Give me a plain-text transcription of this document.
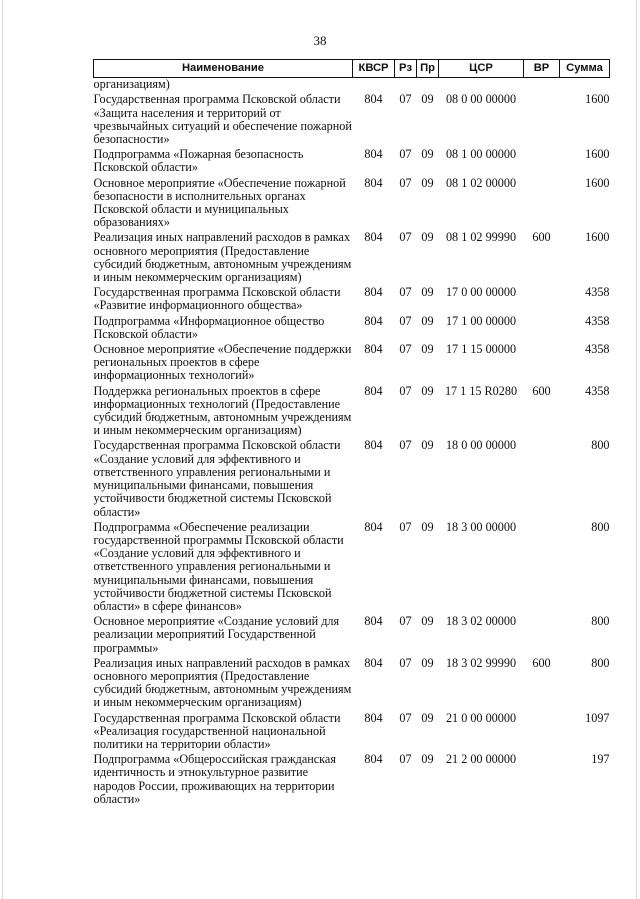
38
Наименование	КВСР	Рз	Пр	ЦСР	ВР	Сумма
организациям)						
Государственная программа Псковской области «Защита населения и территорий от чрезвычайных ситуаций и обеспечение пожарной безопасности»	804	07	09	08 0 00 00000		1600
Подпрограмма «Пожарная безопасность Псковской области»	804	07	09	08 1 00 00000		1600
Основное мероприятие «Обеспечение пожарной безопасности в исполнительных органах Псковской области и муниципальных образованиях»	804	07	09	08 1 02 00000		1600
Реализация иных направлений расходов в рамках основного мероприятия (Предоставление субсидий бюджетным, автономным учреждениям и иным некоммерческим организациям)	804	07	09	08 1 02 99990	600	1600
Государственная программа Псковской области «Развитие информационного общества»	804	07	09	17 0 00 00000		4358
Подпрограмма «Информационное общество Псковской области»	804	07	09	17 1 00 00000		4358
Основное мероприятие «Обеспечение поддержки региональных проектов в сфере информационных технологий»	804	07	09	17 1 15 00000		4358
Поддержка региональных проектов в сфере информационных технологий (Предоставление субсидий бюджетным, автономным учреждениям и иным некоммерческим организациям)	804	07	09	17 1 15 R0280	600	4358
Государственная программа Псковской области «Создание условий для эффективного и ответственного управления региональными и муниципальными финансами, повышения устойчивости бюджетной системы Псковской области»	804	07	09	18 0 00 00000		800
Подпрограмма «Обеспечение реализации государственной программы Псковской области «Создание условий для эффективного и ответственного управления региональными и муниципальными финансами, повышения устойчивости бюджетной системы Псковской области» в сфере финансов»	804	07	09	18 3 00 00000		800
Основное мероприятие «Создание условий для реализации мероприятий Государственной программы»	804	07	09	18 3 02 00000		800
Реализация иных направлений расходов в рамках основного мероприятия (Предоставление субсидий бюджетным, автономным учреждениям и иным некоммерческим организациям)	804	07	09	18 3 02 99990	600	800
Государственная программа Псковской области «Реализация государственной национальной политики на территории области»	804	07	09	21 0 00 00000		1097
Подпрограмма «Общероссийская гражданская идентичность и этнокультурное развитие народов России, проживающих на территории области»	804	07	09	21 2 00 00000		197
